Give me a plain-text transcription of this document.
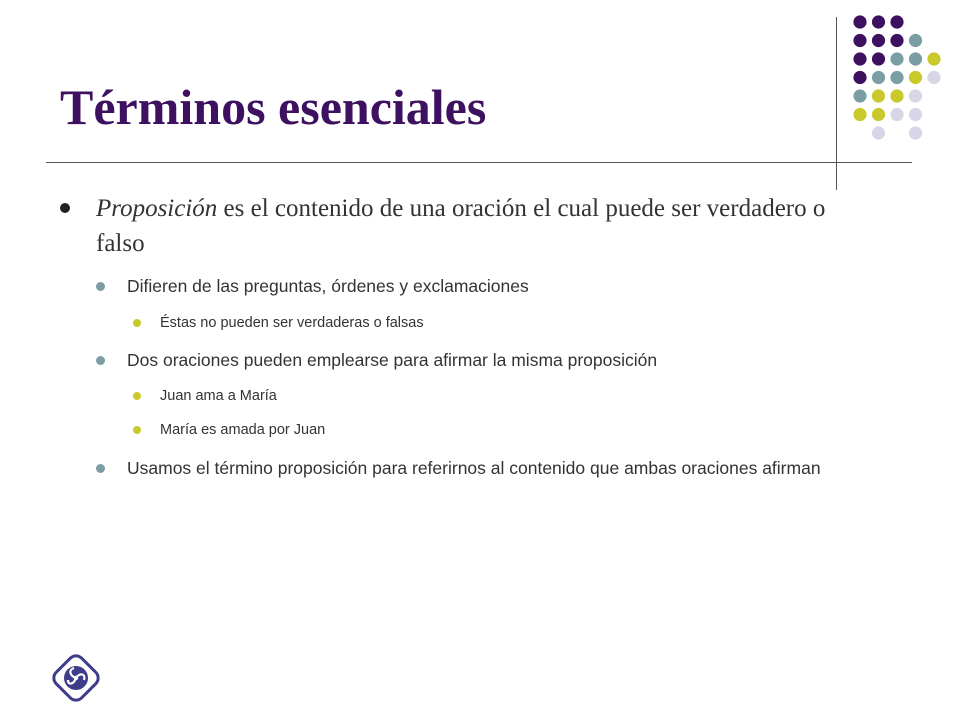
Términos esenciales
Proposición es el contenido de una oración el cual puede ser verdadero o falso
Difieren de las preguntas, órdenes y exclamaciones
Éstas no pueden ser verdaderas o falsas
Dos oraciones pueden emplearse para afirmar la misma proposición
Juan ama a María
María es amada por Juan
Usamos el término proposición para referirnos al contenido que ambas oraciones afirman
